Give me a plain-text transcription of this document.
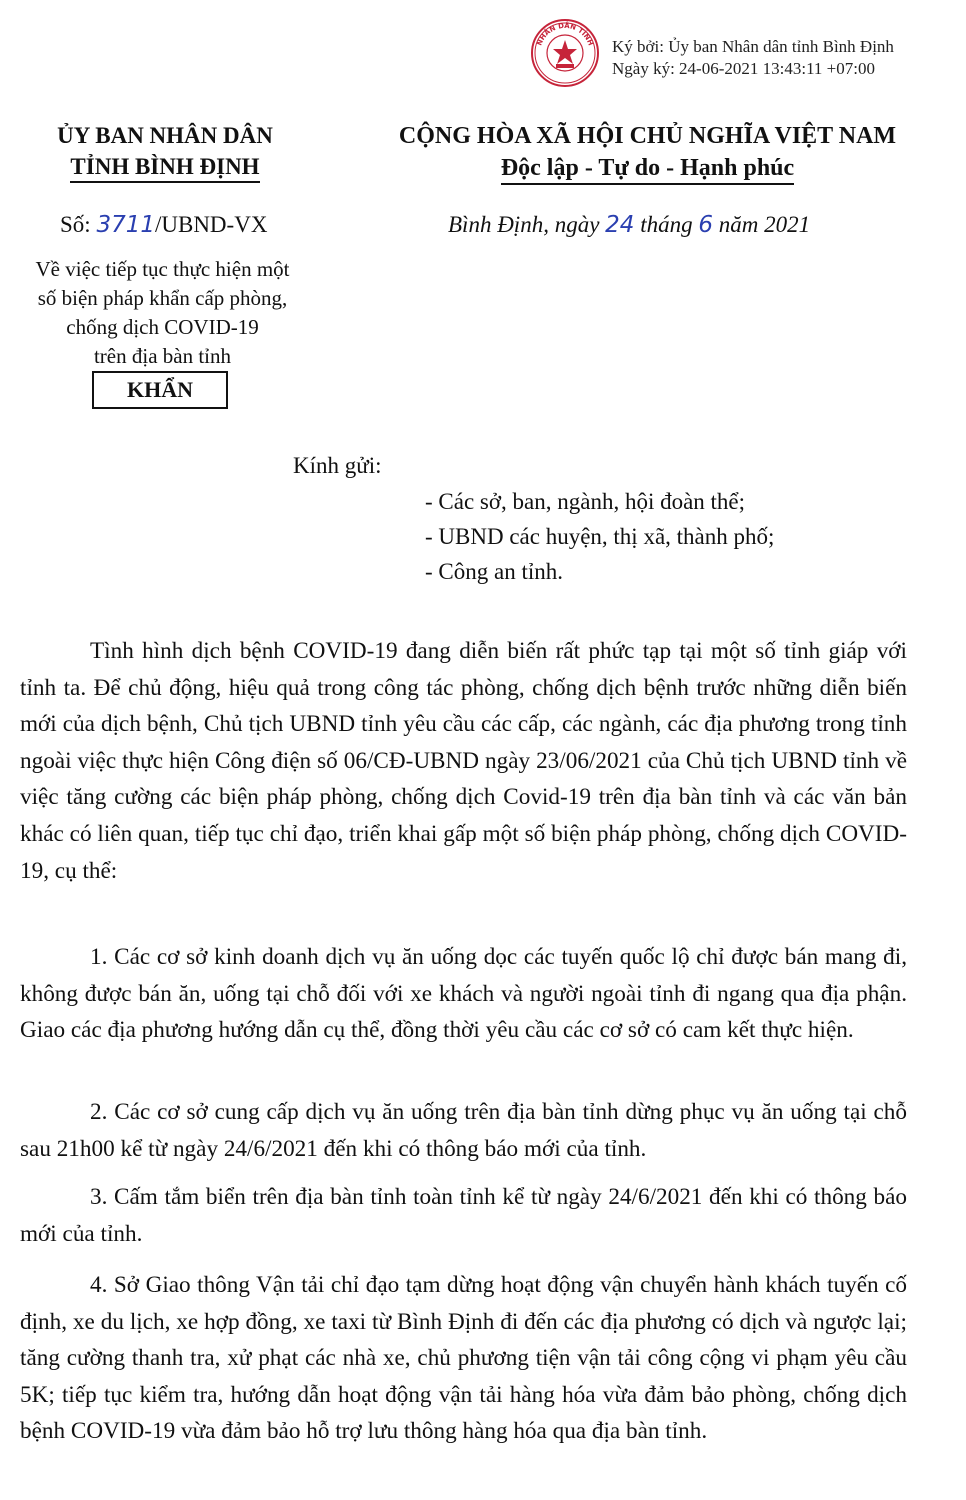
NHÂN DÂN TỈNH Ký bởi: Ủy ban Nhân dân tỉnh Bình Định
Ngày ký: 24-06-2021 13:43:11 +07:00
ỦY BAN NHÂN DÂN
TỈNH BÌNH ĐỊNH
CỘNG HÒA XÃ HỘI CHỦ NGHĨA VIỆT NAM
Độc lập - Tự do - Hạnh phúc
Số: 3711/UBND-VX	Bình Định, ngày 24 tháng 6 năm 2021
Về việc tiếp tục thực hiện một
số biện pháp khẩn cấp phòng,
chống dịch COVID-19
trên địa bàn tỉnh
KHẨN
Kính gửi:
- Các sở, ban, ngành, hội đoàn thể;
- UBND các huyện, thị xã, thành phố;
- Công an tỉnh.
Tình hình dịch bệnh COVID-19 đang diễn biến rất phức tạp tại một số tỉnh giáp với tỉnh ta. Để chủ động, hiệu quả trong công tác phòng, chống dịch bệnh trước những diễn biến mới của dịch bệnh, Chủ tịch UBND tỉnh yêu cầu các cấp, các ngành, các địa phương trong tỉnh ngoài việc thực hiện Công điện số 06/CĐ-UBND ngày 23/06/2021 của Chủ tịch UBND tỉnh về việc tăng cường các biện pháp phòng, chống dịch Covid-19 trên địa bàn tỉnh và các văn bản khác có liên quan, tiếp tục chỉ đạo, triển khai gấp một số biện pháp phòng, chống dịch COVID-19, cụ thể:
1. Các cơ sở kinh doanh dịch vụ ăn uống dọc các tuyến quốc lộ chỉ được bán mang đi, không được bán ăn, uống tại chỗ đối với xe khách và người ngoài tỉnh đi ngang qua địa phận. Giao các địa phương hướng dẫn cụ thể, đồng thời yêu cầu các cơ sở có cam kết thực hiện.
2. Các cơ sở cung cấp dịch vụ ăn uống trên địa bàn tỉnh dừng phục vụ ăn uống tại chỗ sau 21h00 kể từ ngày 24/6/2021 đến khi có thông báo mới của tỉnh.
3. Cấm tắm biển trên địa bàn tỉnh toàn tỉnh kể từ ngày 24/6/2021 đến khi có thông báo mới của tỉnh.
4. Sở Giao thông Vận tải chỉ đạo tạm dừng hoạt động vận chuyển hành khách tuyến cố định, xe du lịch, xe hợp đồng, xe taxi từ Bình Định đi đến các địa phương có dịch và ngược lại; tăng cường thanh tra, xử phạt các nhà xe, chủ phương tiện vận tải công cộng vi phạm yêu cầu 5K; tiếp tục kiểm tra, hướng dẫn hoạt động vận tải hàng hóa vừa đảm bảo phòng, chống dịch bệnh COVID-19 vừa đảm bảo hỗ trợ lưu thông hàng hóa qua địa bàn tỉnh.
